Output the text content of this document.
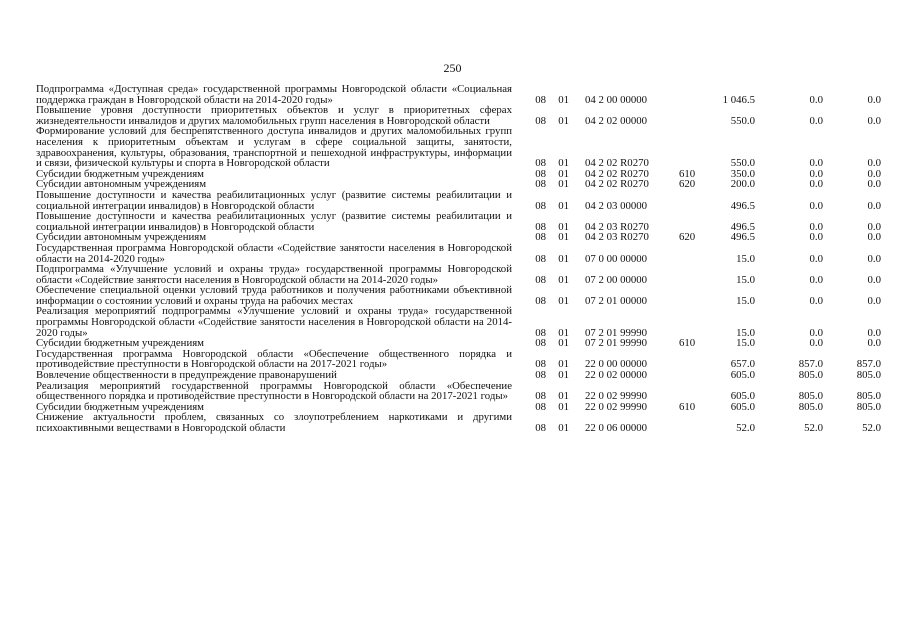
250
Подпрограмма «Доступная среда» государственной программы Новгородской области «Социальная поддержка граждан в Новгородской области на 2014-2020 годы»	08	01	04 2 00 00000		1 046.5	0.0	0.0
Повышение уровня доступности приоритетных объектов и услуг в приоритетных сферах жизнедеятельности инвалидов и других маломобильных групп населения в Новгородской области	08	01	04 2 02 00000		550.0	0.0	0.0
Формирование условий для беспрепятственного доступа инвалидов и других маломобильных групп населения к приоритетным объектам и услугам в сфере социальной защиты, занятости, здравоохранения, культуры, образования, транспортной и пешеходной инфраструктуры, информации и связи, физической культуры и спорта в Новгородской области	08	01	04 2 02 R0270		550.0	0.0	0.0
Субсидии бюджетным учреждениям	08	01	04 2 02 R0270	610	350.0	0.0	0.0
Субсидии автономным учреждениям	08	01	04 2 02 R0270	620	200.0	0.0	0.0
Повышение доступности и качества реабилитационных услуг (развитие системы реабилитации и социальной интеграции инвалидов) в Новгородской области	08	01	04 2 03 00000		496.5	0.0	0.0
Повышение доступности и качества реабилитационных услуг (развитие системы реабилитации и социальной интеграции инвалидов) в Новгородской области	08	01	04 2 03 R0270		496.5	0.0	0.0
Субсидии автономным учреждениям	08	01	04 2 03 R0270	620	496.5	0.0	0.0
Государственная программа Новгородской области «Содействие занятости населения в Новгородской области на 2014-2020 годы»	08	01	07 0 00 00000		15.0	0.0	0.0
Подпрограмма «Улучшение условий и охраны труда» государственной программы Новгородской области «Содействие занятости населения в Новгородской области на 2014-2020 годы»	08	01	07 2 00 00000		15.0	0.0	0.0
Обеспечение специальной оценки условий труда работников и получения работниками объективной информации о состоянии условий и охраны труда на рабочих местах	08	01	07 2 01 00000		15.0	0.0	0.0
Реализация мероприятий подпрограммы «Улучшение условий и охраны труда» государственной программы Новгородской области «Содействие занятости населения в Новгородской области на 2014-2020 годы»	08	01	07 2 01 99990		15.0	0.0	0.0
Субсидии бюджетным учреждениям	08	01	07 2 01 99990	610	15.0	0.0	0.0
Государственная программа Новгородской области «Обеспечение общественного порядка и противодействие преступности в Новгородской области на 2017-2021 годы»	08	01	22 0 00 00000		657.0	857.0	857.0
Вовлечение общественности в предупреждение правонарушений	08	01	22 0 02 00000		605.0	805.0	805.0
Реализация мероприятий государственной программы Новгородской области «Обеспечение общественного порядка и противодействие преступности в Новгородской области на 2017-2021 годы»	08	01	22 0 02 99990		605.0	805.0	805.0
Субсидии бюджетным учреждениям	08	01	22 0 02 99990	610	605.0	805.0	805.0
Снижение актуальности проблем, связанных со злоупотреблением наркотиками и другими психоактивными веществами в Новгородской области	08	01	22 0 06 00000		52.0	52.0	52.0
